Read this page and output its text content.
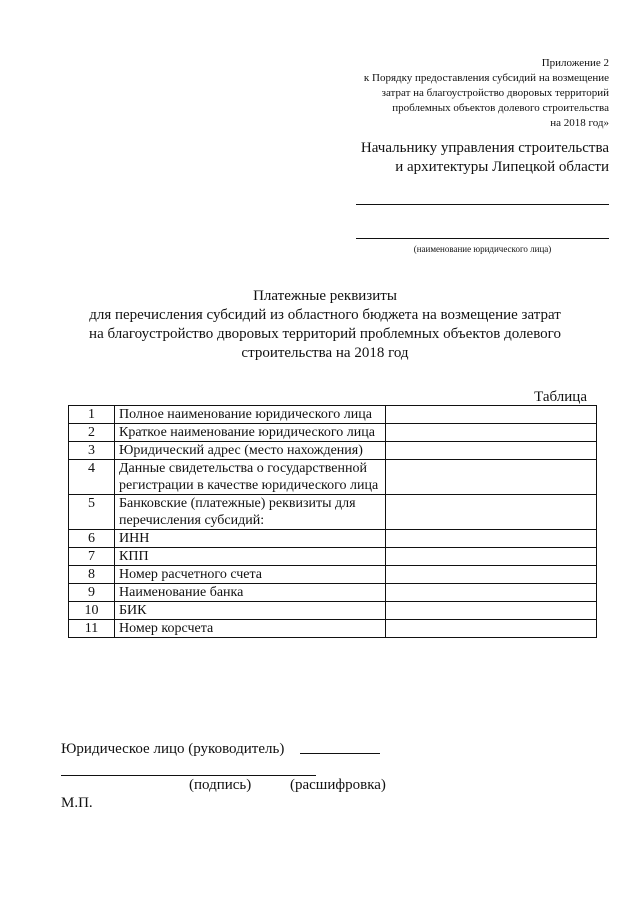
Приложение 2
к Порядку предоставления субсидий на возмещение
затрат на благоустройство дворовых территорий
проблемных объектов долевого строительства
на 2018 год»
Начальнику управления строительства
и архитектуры Липецкой области
(наименование юридического лица)
Платежные реквизиты
для перечисления субсидий из областного бюджета на возмещение затрат
на благоустройство дворовых территорий проблемных объектов долевого
строительства на 2018 год
Таблица
1	Полное наименование юридического лица	
2	Краткое наименование юридического лица	
3	Юридический адрес (место нахождения)	
4	Данные свидетельства о государственной регистрации в качестве юридического лица	
5	Банковские (платежные) реквизиты для перечисления субсидий:	
6	ИНН	
7	КПП	
8	Номер расчетного счета	
9	Наименование банка	
10	БИК	
11	Номер корсчета	
Юридическое лицо (руководитель)
(подпись)	(расшифровка)
М.П.
